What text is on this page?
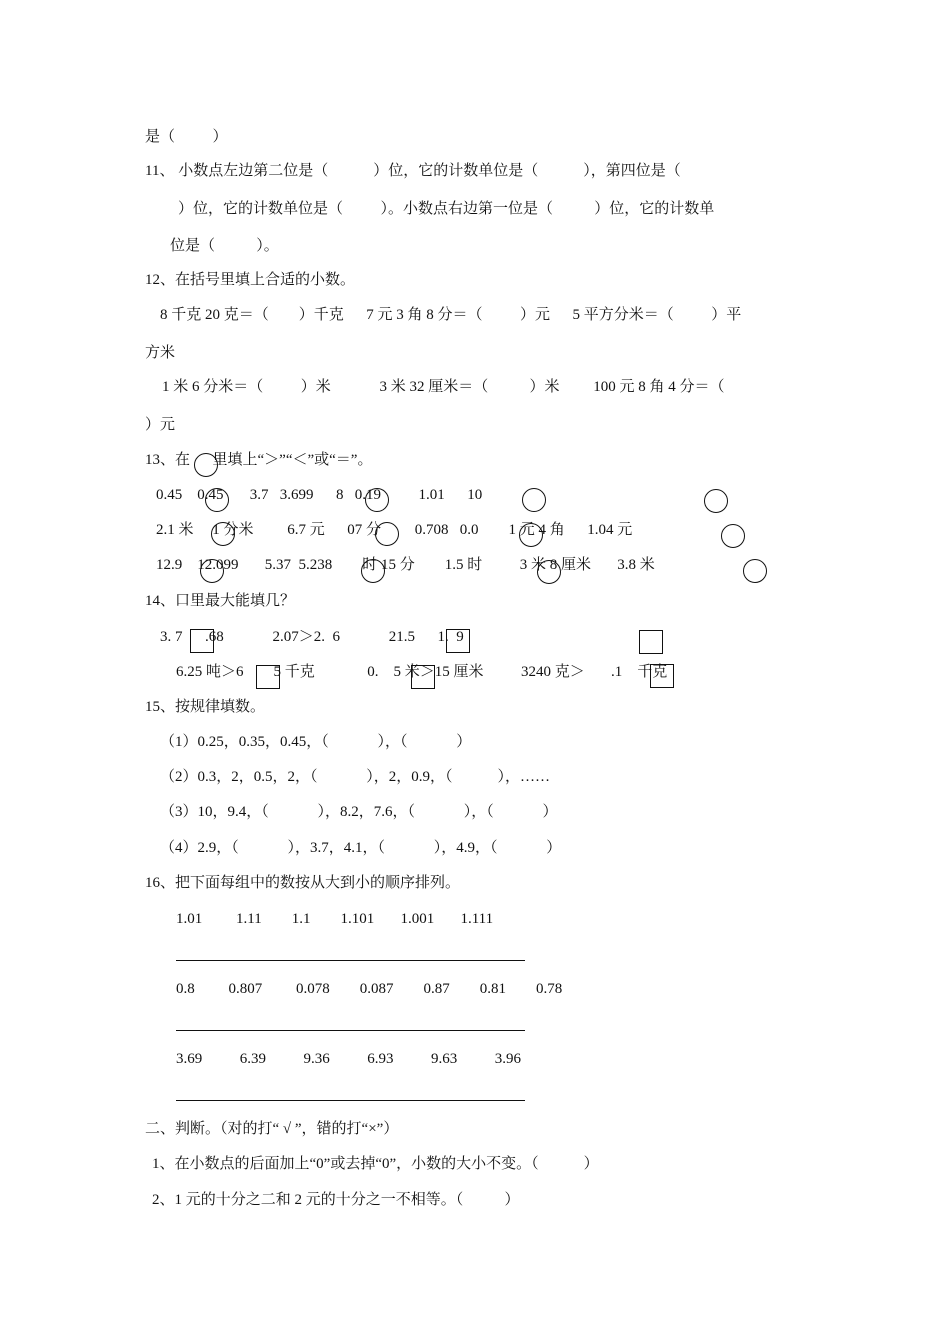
是（          ）
11、 小数点左边第二位是（            ）位，它的计数单位是（            ），第四位是（
）位，它的计数单位是（          ）。小数点右边第一位是（           ）位，它的计数单
位是（           ）。
12、在括号里填上合适的小数。
8 千克 20 克＝（        ）千克      7 元 3 角 8 分＝（          ）元      5 平方分米＝（          ）平
方米
1 米 6 分米＝（          ）米             3 米 32 厘米＝（           ）米         100 元 8 角 4 分＝（
）元
13、在      里填上“＞”“＜”或“＝”。
0.45    0.45       3.7   3.699      8   0.19          1.01      10
2.1 米     1 分米         6.7 元      07 分         0.708   0.0        1 元 4 角      1.04 元
12.9    12.099       5.37  5.238        时 15 分        1.5 时          3 米 8 厘米       3.8 米
14、口里最大能填几？
3. 7      .68             2.07＞2.  6             21.5      1.  9
6.25 吨＞6        5 千克              0.    5 米＞15 厘米          3240 克＞       .1    千克
15、按规律填数。
（1）0.25，0.35，0.45，（             ），（             ）
（2）0.3，2，0.5，2，（             ），2，0.9，（            ），……
（3）10，9.4，（             ），8.2，7.6，（             ），（             ）
（4）2.9，（             ），3.7，4.1，（             ），4.9，（             ）
16、把下面每组中的数按从大到小的顺序排列。
1.01         1.11        1.1        1.101       1.001       1.111
0.8         0.807         0.078        0.087        0.87        0.81        0.78
3.69          6.39          9.36          6.93          9.63          3.96
二、判断。（对的打“ √ ”，错的打“×”）
1、在小数点的后面加上“0”或去掉“0”，小数的大小不变。（            ）
2、1 元的十分之二和 2 元的十分之一不相等。（           ）
